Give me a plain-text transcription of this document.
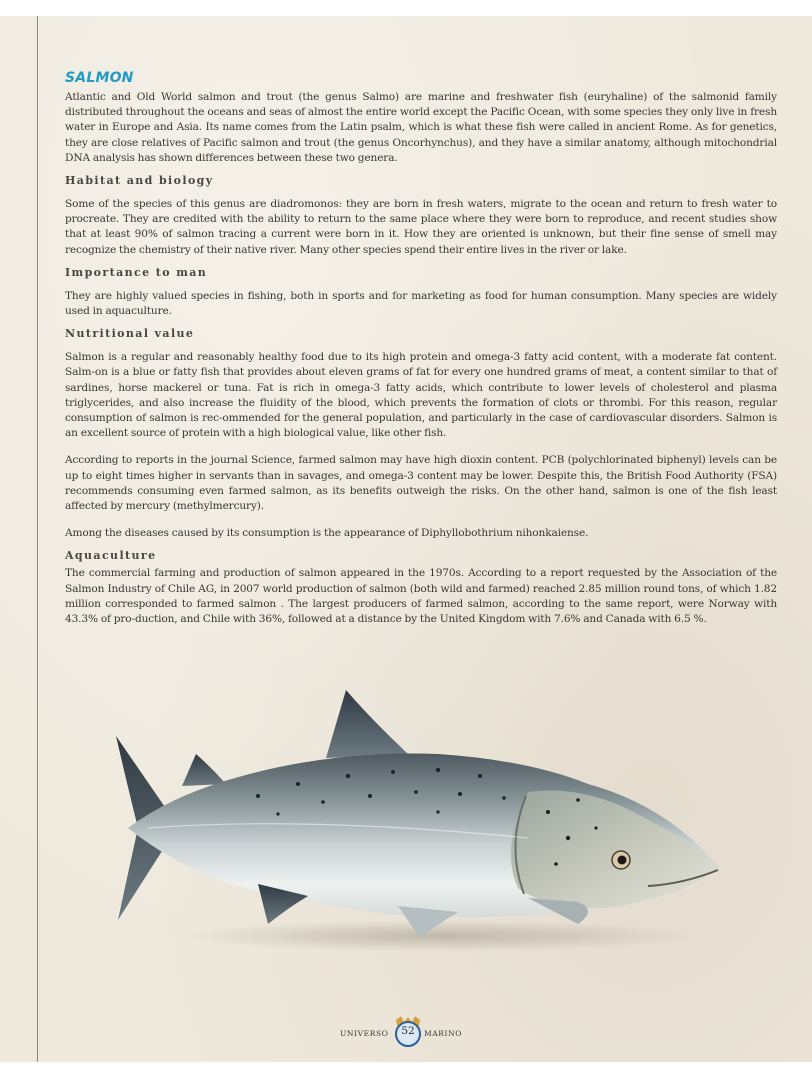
SALMON

Atlantic and Old World salmon and trout (the genus Salmo) are marine and freshwater fish (euryhaline) of the salmonid family distributed throughout the oceans and seas of almost the entire world except the Pacific Ocean, with some species they only live in fresh water in Europe and Asia. Its name comes from the Latin psalm, which is what these fish were called in ancient Rome. As for genetics, they are close relatives of Pacific salmon and trout (the genus Oncorhynchus), and they have a similar anatomy, although mitochondrial DNA analysis has shown differences between these two genera.

Habitat and biology

Some of the species of this genus are diadromonos: they are born in fresh waters, migrate to the ocean and return to fresh water to procreate. They are credited with the ability to return to the same place where they were born to reproduce, and recent studies show that at least 90% of salmon tracing a current were born in it. How they are oriented is unknown, but their fine sense of smell may recognize the chemistry of their native river. Many other species spend their entire lives in the river or lake.

Importance to man

They are highly valued species in fishing, both in sports and for marketing as food for human consumption. Many species are widely used in aquaculture.

Nutritional value

Salmon is a regular and reasonably healthy food due to its high protein and omega-3 fatty acid content, with a moderate fat content. Salm-on is a blue or fatty fish that provides about eleven grams of fat for every one hundred grams of meat, a content similar to that of sardines, horse mackerel or tuna. Fat is rich in omega-3 fatty acids, which contribute to lower levels of cholesterol and plasma triglycerides, and also increase the fluidity of the blood, which prevents the formation of clots or thrombi. For this reason, regular consumption of salmon is rec-ommended for the general population, and particularly in the case of cardiovascular disorders. Salmon is an excellent source of protein with a high biological value, like other fish.

According to reports in the journal Science, farmed salmon may have high dioxin content. PCB (polychlorinated biphenyl) levels can be up to eight times higher in servants than in savages, and omega-3 content may be lower. Despite this, the British Food Authority (FSA) recommends consuming even farmed salmon, as its benefits outweigh the risks. On the other hand, salmon is one of the fish least affected by mercury (methylmercury).

Among the diseases caused by its consumption is the appearance of Diphyllobothrium nihonkaiense.

Aquaculture

The commercial farming and production of salmon appeared in the 1970s. According to a report requested by the Association of the Salmon Industry of Chile AG, in 2007 world production of salmon (both wild and farmed) reached 2.85 million round tons, of which 1.82 million corresponded to farmed salmon . The largest producers of farmed salmon, according to the same report, were Norway with 43.3% of pro-duction, and Chile with 36%, followed at a distance by the United Kingdom with 7.6% and Canada with 6.5 %.

UNIVERSO	52	MARINO
